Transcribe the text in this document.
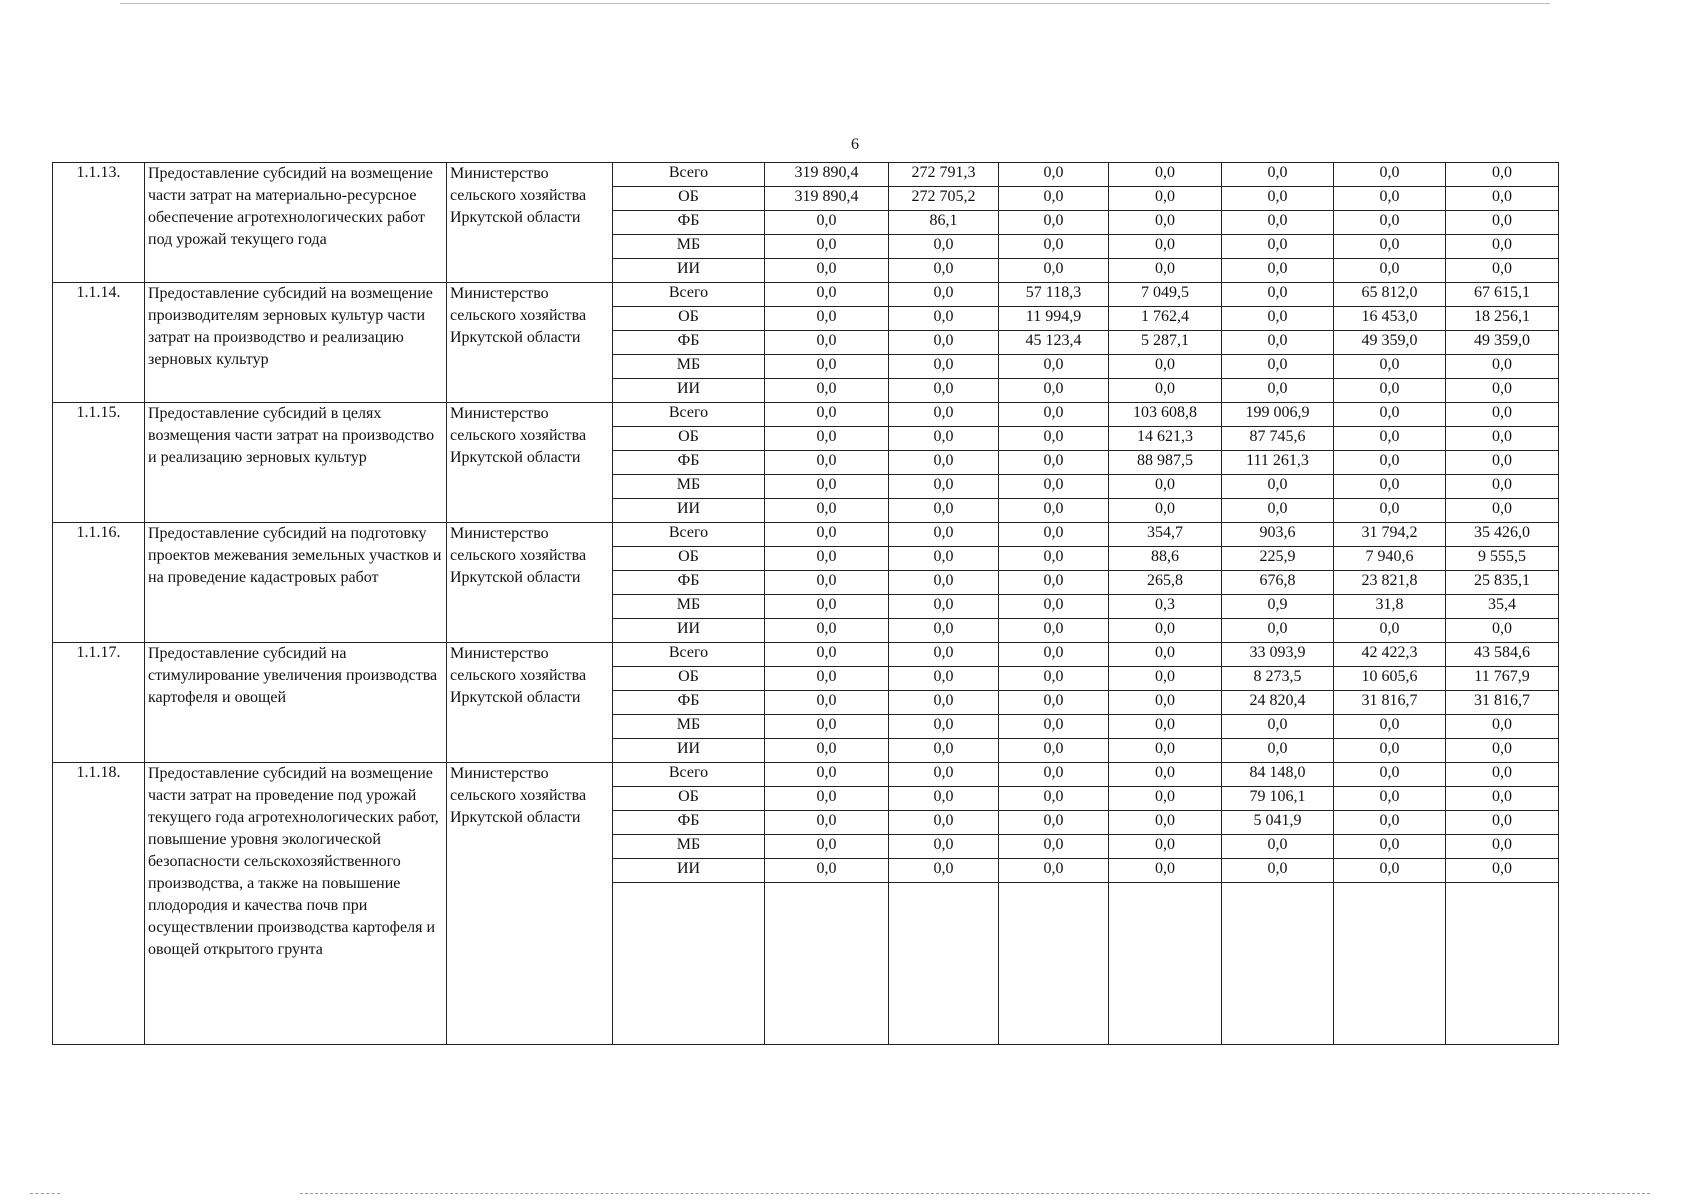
6
1.1.13.	Предоставление субсидий на возмещение части затрат на материально-ресурсное обеспечение агротехнологических работ под урожай текущего года	Министерство сельского хозяйства Иркутской области	Всего	319 890,4	272 791,3	0,0	0,0	0,0	0,0	0,0
			ОБ	319 890,4	272 705,2	0,0	0,0	0,0	0,0	0,0
			ФБ	0,0	86,1	0,0	0,0	0,0	0,0	0,0
			МБ	0,0	0,0	0,0	0,0	0,0	0,0	0,0
			ИИ	0,0	0,0	0,0	0,0	0,0	0,0	0,0
1.1.14.	Предоставление субсидий на возмещение производителям зерновых культур части затрат на производство и реализацию зерновых культур	Министерство сельского хозяйства Иркутской области	Всего	0,0	0,0	57 118,3	7 049,5	0,0	65 812,0	67 615,1
			ОБ	0,0	0,0	11 994,9	1 762,4	0,0	16 453,0	18 256,1
			ФБ	0,0	0,0	45 123,4	5 287,1	0,0	49 359,0	49 359,0
			МБ	0,0	0,0	0,0	0,0	0,0	0,0	0,0
			ИИ	0,0	0,0	0,0	0,0	0,0	0,0	0,0
1.1.15.	Предоставление субсидий в целях возмещения части затрат на производство и реализацию зерновых культур	Министерство сельского хозяйства Иркутской области	Всего	0,0	0,0	0,0	103 608,8	199 006,9	0,0	0,0
			ОБ	0,0	0,0	0,0	14 621,3	87 745,6	0,0	0,0
			ФБ	0,0	0,0	0,0	88 987,5	111 261,3	0,0	0,0
			МБ	0,0	0,0	0,0	0,0	0,0	0,0	0,0
			ИИ	0,0	0,0	0,0	0,0	0,0	0,0	0,0
1.1.16.	Предоставление субсидий на подготовку проектов межевания земельных участков и на проведение кадастровых работ	Министерство сельского хозяйства Иркутской области	Всего	0,0	0,0	0,0	354,7	903,6	31 794,2	35 426,0
			ОБ	0,0	0,0	0,0	88,6	225,9	7 940,6	9 555,5
			ФБ	0,0	0,0	0,0	265,8	676,8	23 821,8	25 835,1
			МБ	0,0	0,0	0,0	0,3	0,9	31,8	35,4
			ИИ	0,0	0,0	0,0	0,0	0,0	0,0	0,0
1.1.17.	Предоставление субсидий на стимулирование увеличения производства картофеля и овощей	Министерство сельского хозяйства Иркутской области	Всего	0,0	0,0	0,0	0,0	33 093,9	42 422,3	43 584,6
			ОБ	0,0	0,0	0,0	0,0	8 273,5	10 605,6	11 767,9
			ФБ	0,0	0,0	0,0	0,0	24 820,4	31 816,7	31 816,7
			МБ	0,0	0,0	0,0	0,0	0,0	0,0	0,0
			ИИ	0,0	0,0	0,0	0,0	0,0	0,0	0,0
1.1.18.	Предоставление субсидий на возмещение части затрат на проведение под урожай текущего года агротехнологических работ, повышение уровня экологической безопасности сельскохозяйственного производства, а также на повышение плодородия и качества почв при осуществлении производства картофеля и овощей открытого грунта	Министерство сельского хозяйства Иркутской области	Всего	0,0	0,0	0,0	0,0	84 148,0	0,0	0,0
			ОБ	0,0	0,0	0,0	0,0	79 106,1	0,0	0,0
			ФБ	0,0	0,0	0,0	0,0	5 041,9	0,0	0,0
			МБ	0,0	0,0	0,0	0,0	0,0	0,0	0,0
			ИИ	0,0	0,0	0,0	0,0	0,0	0,0	0,0
